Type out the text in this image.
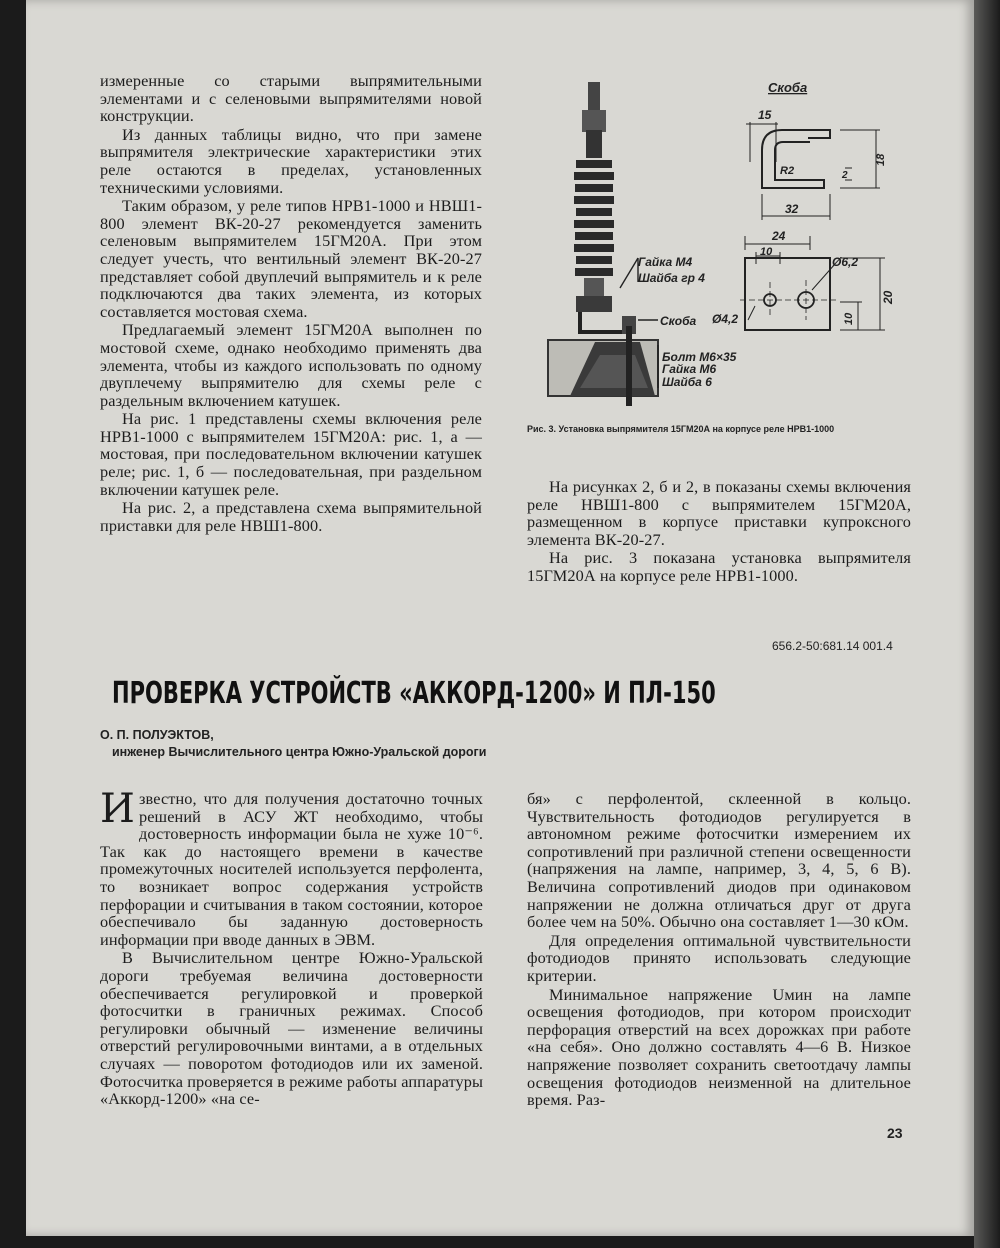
измеренные со старыми выпрямительными элементами и с селеновыми выпрямителями новой конструкции.

Из данных таблицы видно, что при замене выпрямителя электрические характеристики этих реле остаются в пределах, установленных техническими условиями.

Таким образом, у реле типов НРВ1-1000 и НВШ1-800 элемент ВК-20-27 рекомендуется заменить селеновым выпрямителем 15ГМ20А. При этом следует учесть, что вентильный элемент ВК-20-27 представляет собой двуплечий выпрямитель и к реле подключаются два таких элемента, из которых составляется мостовая схема.

Предлагаемый элемент 15ГМ20А выполнен по мостовой схеме, однако необходимо применять два элемента, чтобы из каждого использовать по одному двуплечему выпрямителю для схемы реле с раздельным включением катушек.

На рис. 1 представлены схемы включения реле НРВ1-1000 с выпрямителем 15ГМ20А: рис. 1, а — мостовая, при последовательном включении катушек реле; рис. 1, б — последовательная, при раздельном включении катушек реле.

На рис. 2, а представлена схема выпрямительной приставки для реле НВШ1-800.

Гайка М4
Шайба гр 4
Скоба
Болт М6×35
Гайка М6
Шайба 6
Скоба
15
R2	2
18
32
24
10
Ø6,2
Ø4,2
20
10
Рис. 3. Установка выпрямителя 15ГМ20А на корпусе реле НРВ1-1000

На рисунках 2, б и 2, в показаны схемы включения реле НВШ1-800 с выпрямителем 15ГМ20А, размещенном в корпусе приставки купроксного элемента ВК-20-27.

На рис. 3 показана установка выпрямителя 15ГМ20А на корпусе реле НРВ1-1000.

656.2-50:681.14 001.4
ПРОВЕРКА УСТРОЙСТВ «АККОРД-1200» И ПЛ-150
О. П. ПОЛУЭКТОВ,
инженер Вычислительного центра Южно-Уральской дороги

Известно, что для получения достаточно точных решений в АСУ ЖТ необходимо, чтобы достоверность информации была не хуже 10⁻⁶. Так как до настоящего времени в качестве промежуточных носителей используется перфолента, то возникает вопрос содержания устройств перфорации и считывания в таком состоянии, которое обеспечивало бы заданную достоверность информации при вводе данных в ЭВМ.

В Вычислительном центре Южно-Уральской дороги требуемая величина достоверности обеспечивается регулировкой и проверкой фотосчитки в граничных режимах. Способ регулировки обычный — изменение величины отверстий регулировочными винтами, а в отдельных случаях — поворотом фотодиодов или их заменой. Фотосчитка проверяется в режиме работы аппаратуры «Аккорд-1200» «на се-

бя» с перфолентой, склеенной в кольцо. Чувствительность фотодиодов регулируется в автономном режиме фотосчитки измерением их сопротивлений при различной степени освещенности (напряжения на лампе, например, 3, 4, 5, 6 В). Величина сопротивлений диодов при одинаковом напряжении не должна отличаться друг от друга более чем на 50%. Обычно она составляет 1—30 кОм.

Для определения оптимальной чувствительности фотодиодов принято использовать следующие критерии.

Минимальное напряжение Uмин на лампе освещения фотодиодов, при котором происходит перфорация отверстий на всех дорожках при работе «на себя». Оно должно составлять 4—6 В. Низкое напряжение позволяет сохранить светоотдачу лампы освещения фотодиодов неизменной на длительное время. Раз-

23
